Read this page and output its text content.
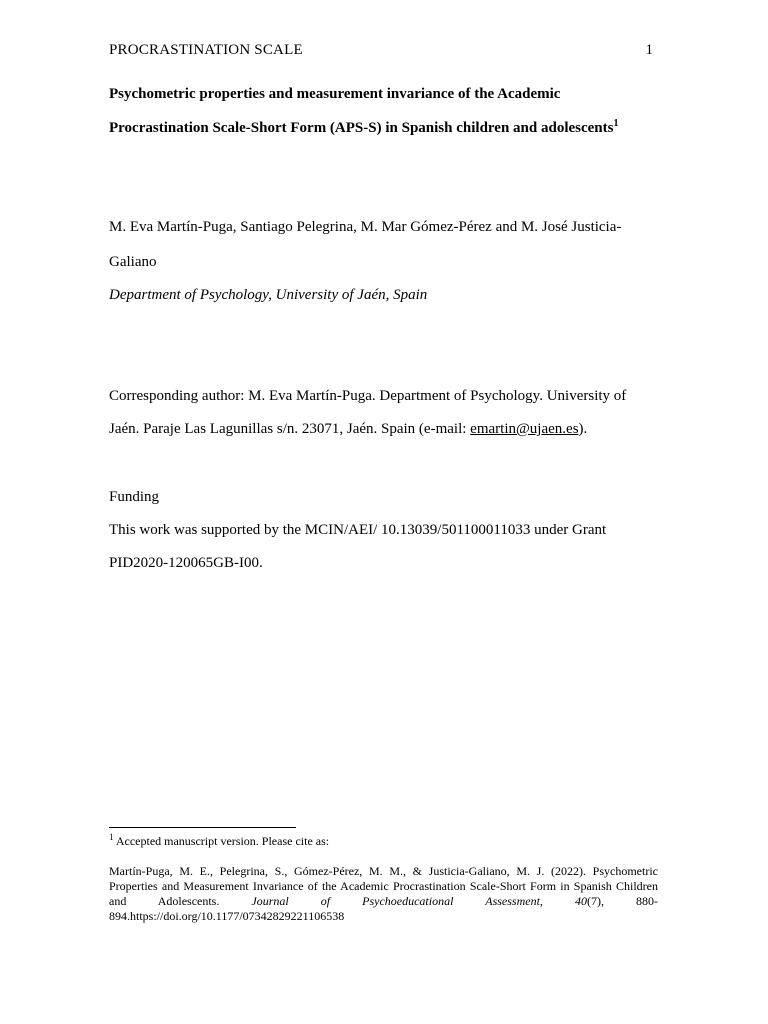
PROCRASTINATION SCALE	1
Psychometric properties and measurement invariance of the Academic
Procrastination Scale-Short Form (APS-S) in Spanish children and adolescents$^1$
M. Eva Martín-Puga, Santiago Pelegrina, M. Mar Gómez-Pérez and M. José Justicia-
Galiano
Department of Psychology, University of Jaén, Spain
Corresponding author: M. Eva Martín-Puga. Department of Psychology. University of
Jaén. Paraje Las Lagunillas s/n. 23071, Jaén. Spain (e-mail: emartin@ujaen.es).
Funding
This work was supported by the MCIN/AEI/ 10.13039/501100011033 under Grant
PID2020-120065GB-I00.
$^1$ Accepted manuscript version. Please cite as:
Martín-Puga, M. E., Pelegrina, S., Gómez-Pérez, M. M., & Justicia-Galiano, M. J. (2022). Psychometric Properties and Measurement Invariance of the Academic Procrastination Scale-Short Form in Spanish Children and Adolescents. Journal of Psychoeducational Assessment, 40(7), 880-894.https://doi.org/10.1177/07342829221106538
